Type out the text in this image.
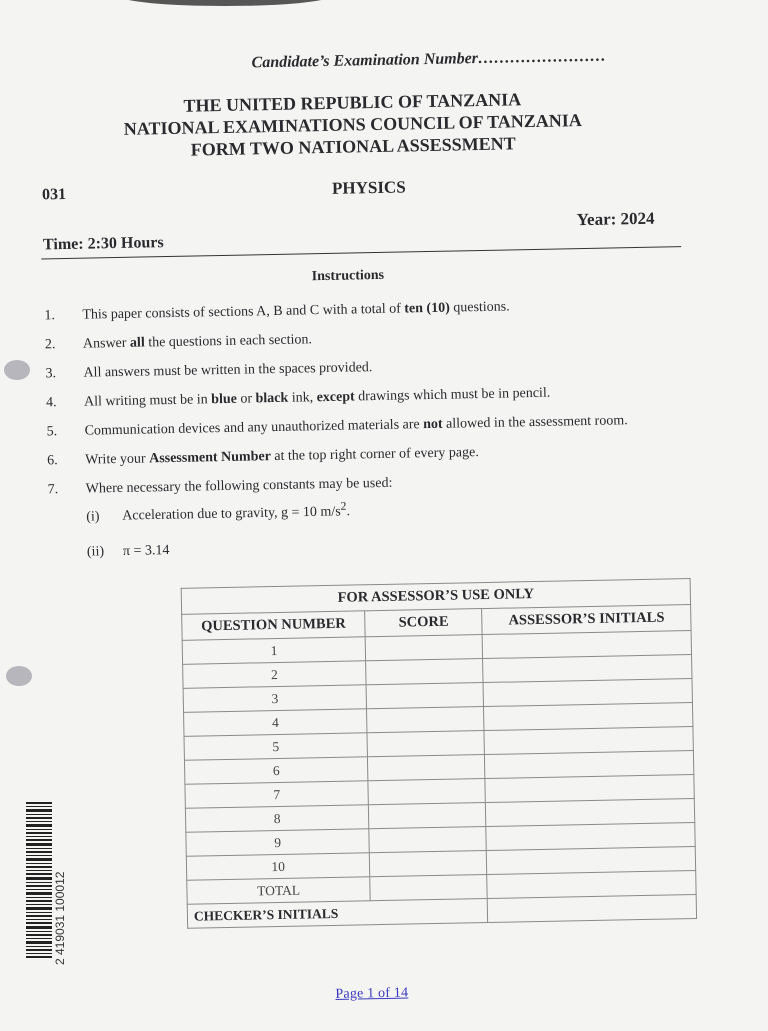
Candidate’s Examination Number……………………
THE UNITED REPUBLIC OF TANZANIA
NATIONAL EXAMINATIONS COUNCIL OF TANZANIA
FORM TWO NATIONAL ASSESSMENT
031	PHYSICS
Year: 2024
Time: 2:30 Hours
Instructions
1. This paper consists of sections A, B and C with a total of ten (10) questions.
2. Answer all the questions in each section.
3. All answers must be written in the spaces provided.
4. All writing must be in blue or black ink, except drawings which must be in pencil.
5. Communication devices and any unauthorized materials are not allowed in the assessment room.
6. Write your Assessment Number at the top right corner of every page.
7. Where necessary the following constants may be used:
(i) Acceleration due to gravity, g = 10 $m/s^2$.
(ii) π = 3.14
FOR ASSESSOR’S USE ONLY		
QUESTION NUMBER	SCORE	ASSESSOR’S INITIALS
1		
2		
3		
4		
5		
6		
7		
8		
9		
10		
TOTAL		
CHECKER’S INITIALS		
Page 1 of 14
2 419031 100012
